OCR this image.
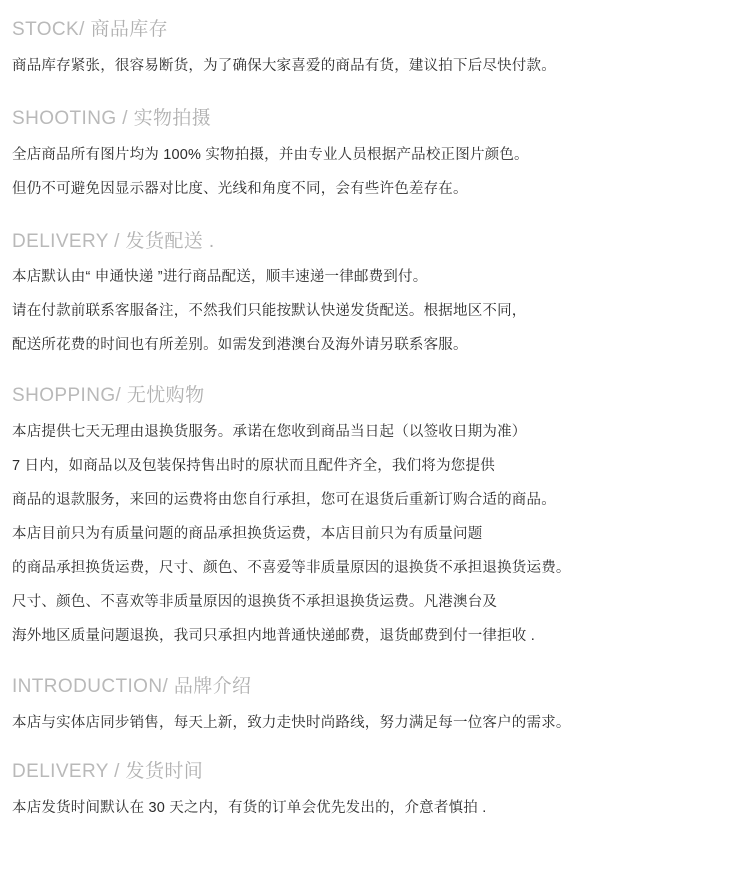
STOCK/ 商品库存

商品库存紧张，很容易断货，为了确保大家喜爱的商品有货，建议拍下后尽快付款。

SHOOTING / 实物拍摄

全店商品所有图片均为 100% 实物拍摄，并由专业人员根据产品校正图片颜色。

但仍不可避免因显示器对比度、光线和角度不同，会有些许色差存在。

DELIVERY / 发货配送 .

本店默认由“ 申通快递 ”进行商品配送，顺丰速递一律邮费到付。

请在付款前联系客服备注，不然我们只能按默认快递发货配送。根据地区不同，

配送所花费的时间也有所差别。如需发到港澳台及海外请另联系客服。

SHOPPING/ 无忧购物

本店提供七天无理由退换货服务。承诺在您收到商品当日起（以签收日期为准）

7 日内，如商品以及包装保持售出时的原状而且配件齐全，我们将为您提供

商品的退款服务，来回的运费将由您自行承担，您可在退货后重新订购合适的商品。

本店目前只为有质量问题的商品承担换货运费，本店目前只为有质量问题

的商品承担换货运费，尺寸、颜色、不喜爱等非质量原因的退换货不承担退换货运费。

尺寸、颜色、不喜欢等非质量原因的退换货不承担退换货运费。凡港澳台及

海外地区质量问题退换，我司只承担内地普通快递邮费，退货邮费到付一律拒收 .

INTRODUCTION/ 品牌介绍

本店与实体店同步销售，每天上新，致力走快时尚路线，努力满足每一位客户的需求。

DELIVERY / 发货时间

本店发货时间默认在 30 天之内，有货的订单会优先发出的，介意者慎拍 .
